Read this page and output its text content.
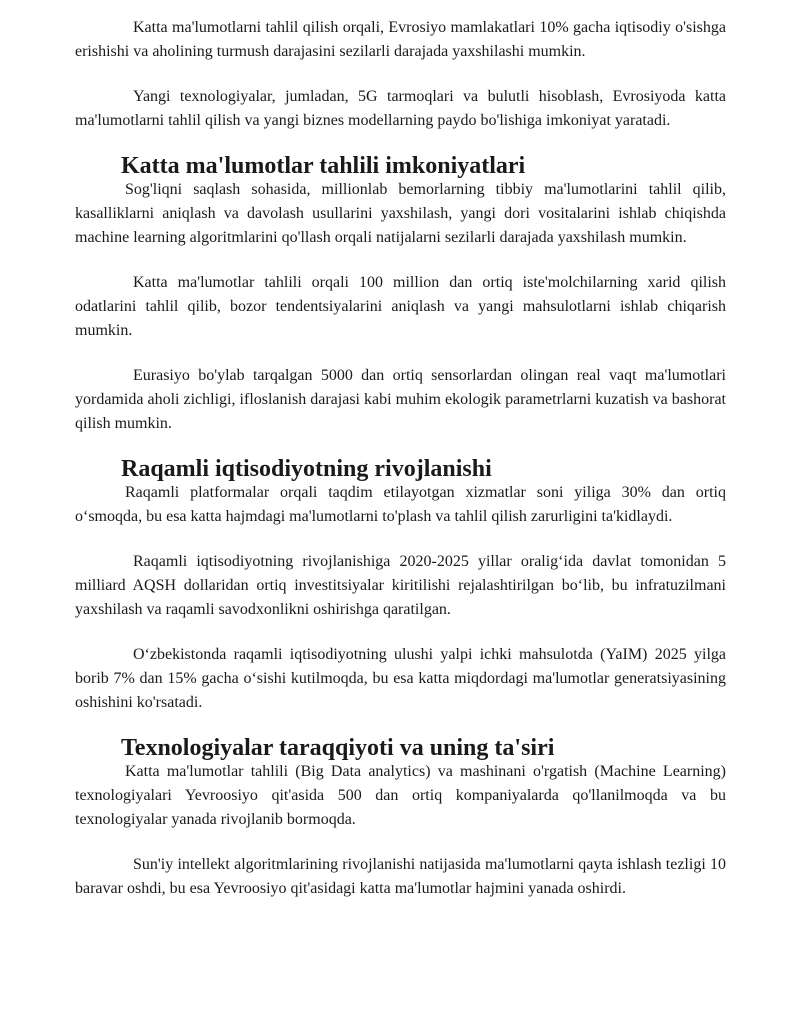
Katta ma'lumotlarni tahlil qilish orqali, Evrosiyo mamlakatlari 10% gacha iqtisodiy o'sishga erishishi va aholining turmush darajasini sezilarli darajada yaxshilashi mumkin.

Yangi texnologiyalar, jumladan, 5G tarmoqlari va bulutli hisoblash, Evrosiyoda katta ma'lumotlarni tahlil qilish va yangi biznes modellarning paydo bo'lishiga imkoniyat yaratadi.

Katta ma'lumotlar tahlili imkoniyatlari

Sog'liqni saqlash sohasida, millionlab bemorlarning tibbiy ma'lumotlarini tahlil qilib, kasalliklarni aniqlash va davolash usullarini yaxshilash, yangi dori vositalarini ishlab chiqishda machine learning algoritmlarini qo'llash orqali natijalarni sezilarli darajada yaxshilash mumkin.

Katta ma'lumotlar tahlili orqali 100 million dan ortiq iste'molchilarning xarid qilish odatlarini tahlil qilib, bozor tendentsiyalarini aniqlash va yangi mahsulotlarni ishlab chiqarish mumkin.

Eurasiyo bo'ylab tarqalgan 5000 dan ortiq sensorlardan olingan real vaqt ma'lumotlari yordamida aholi zichligi, ifloslanish darajasi kabi muhim ekologik parametrlarni kuzatish va bashorat qilish mumkin.

Raqamli iqtisodiyotning rivojlanishi

Raqamli platformalar orqali taqdim etilayotgan xizmatlar soni yiliga 30% dan ortiq o‘smoqda, bu esa katta hajmdagi ma'lumotlarni to'plash va tahlil qilish zarurligini ta'kidlaydi.

Raqamli iqtisodiyotning rivojlanishiga 2020-2025 yillar oralig‘ida davlat tomonidan 5 milliard AQSH dollaridan ortiq investitsiyalar kiritilishi rejalashtirilgan bo‘lib, bu infratuzilmani yaxshilash va raqamli savodxonlikni oshirishga qaratilgan.

O‘zbekistonda raqamli iqtisodiyotning ulushi yalpi ichki mahsulotda (YaIM) 2025 yilga borib 7% dan 15% gacha o‘sishi kutilmoqda, bu esa katta miqdordagi ma'lumotlar generatsiyasining oshishini ko'rsatadi.

Texnologiyalar taraqqiyoti va uning ta'siri

Katta ma'lumotlar tahlili (Big Data analytics) va mashinani o'rgatish (Machine Learning) texnologiyalari Yevroosiyo qit'asida 500 dan ortiq kompaniyalarda qo'llanilmoqda va bu texnologiyalar yanada rivojlanib bormoqda.

Sun'iy intellekt algoritmlarining rivojlanishi natijasida ma'lumotlarni qayta ishlash tezligi 10 baravar oshdi, bu esa Yevroosiyo qit'asidagi katta ma'lumotlar hajmini yanada oshirdi.
